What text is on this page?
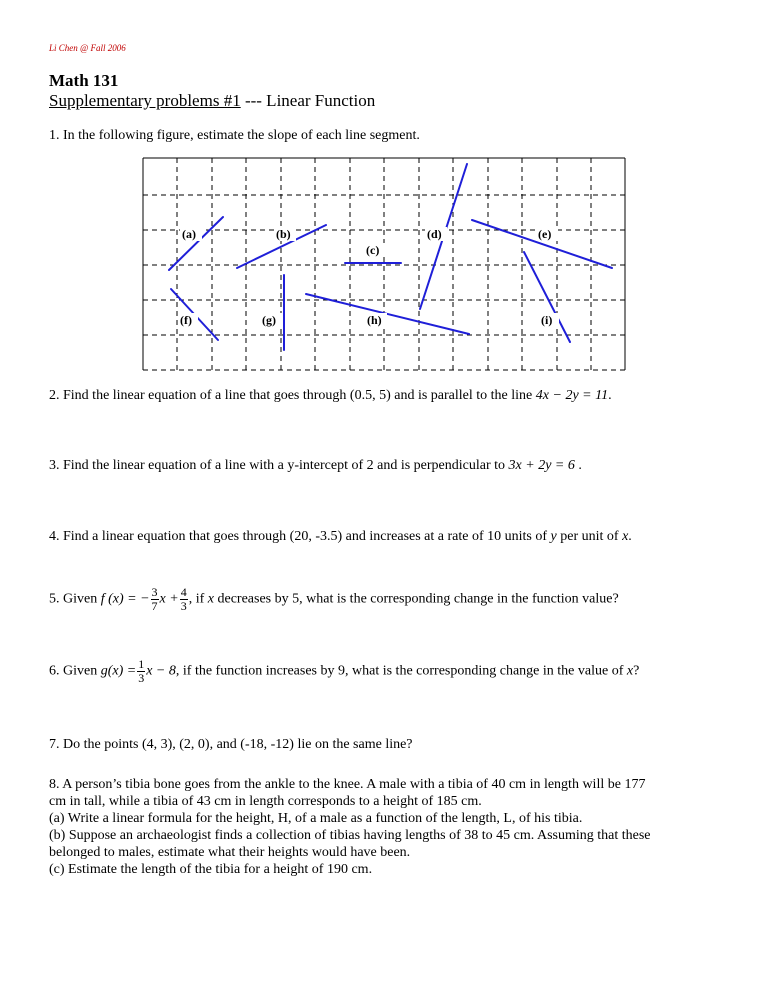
Li Chen @ Fall 2006
Math 131
Supplementary problems #1 --- Linear Function
1. In the following figure, estimate the slope of each line segment.
(a)	(b)
(c)
(d)	(e)
(f)	(g)	(h)	(i)
2. Find the linear equation of a line that goes through (0.5, 5) and is parallel to the line 4x − 2y = 11.
3. Find the linear equation of a line with a y-intercept of 2 and is perpendicular to 3x + 2y = 6 .
4. Find a linear equation that goes through (20, -3.5) and increases at a rate of 10 units of y per unit of x.
5. Given f (x) = − $\frac{3}{7}$ $x + \frac{4}{3}$ , if x decreases by 5, what is the corresponding change in the function value?
6. Given $g(x) = \frac{1}{3}$ x − 8, if the function increases by 9, what is the corresponding change in the value of x?
7. Do the points (4, 3), (2, 0), and (-18, -12) lie on the same line?
8. A person’s tibia bone goes from the ankle to the knee. A male with a tibia of 40 cm in length will be 177
cm in tall, while a tibia of 43 cm in length corresponds to a height of 185 cm.
(a) Write a linear formula for the height, H, of a male as a function of the length, L, of his tibia.
(b) Suppose an archaeologist finds a collection of tibias having lengths of 38 to 45 cm. Assuming that these
belonged to males, estimate what their heights would have been.
(c) Estimate the length of the tibia for a height of 190 cm.
